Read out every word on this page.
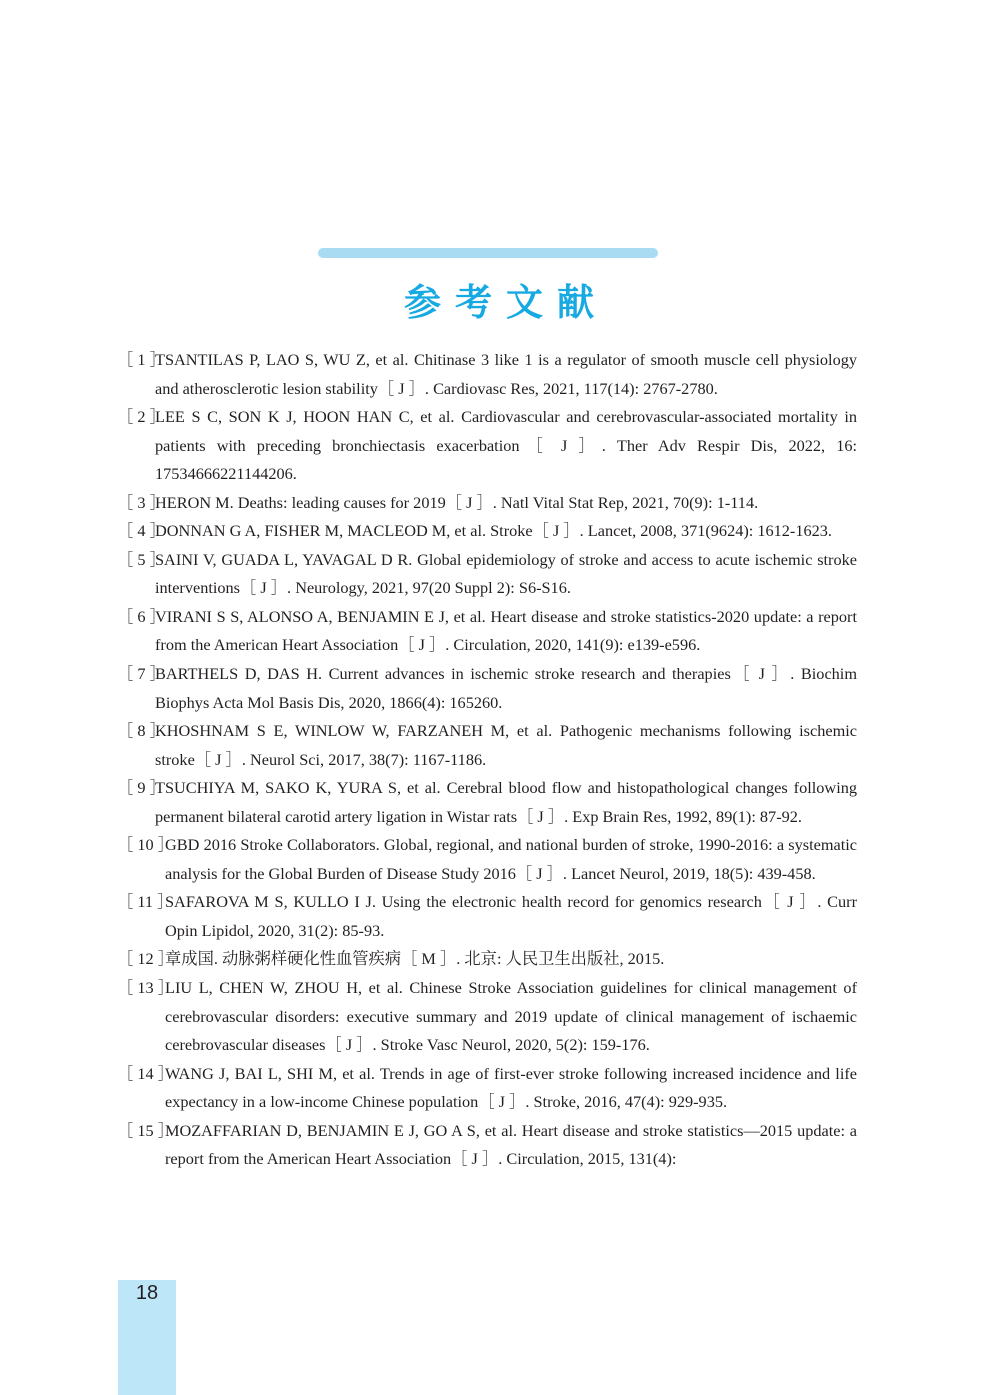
参考文献
［ 1 ］
TSANTILAS P, LAO S, WU Z, et al. Chitinase 3 like 1 is a regulator of smooth muscle cell physiology and atherosclerotic lesion stability［ J ］. Cardiovasc Res, 2021, 117(14): 2767-2780.
［ 2 ］
LEE S C, SON K J, HOON HAN C, et al. Cardiovascular and cerebrovascular-associated mortality in patients with preceding bronchiectasis exacerbation［ J ］. Ther Adv Respir Dis, 2022, 16: 17534666221144206.
［ 3 ］
HERON M. Deaths: leading causes for 2019［ J ］. Natl Vital Stat Rep, 2021, 70(9): 1-114.
［ 4 ］
DONNAN G A, FISHER M, MACLEOD M, et al. Stroke［ J ］. Lancet, 2008, 371(9624): 1612-1623.
［ 5 ］
SAINI V, GUADA L, YAVAGAL D R. Global epidemiology of stroke and access to acute ischemic stroke interventions［ J ］. Neurology, 2021, 97(20 Suppl 2): S6-S16.
［ 6 ］
VIRANI S S, ALONSO A, BENJAMIN E J, et al. Heart disease and stroke statistics-2020 update: a report from the American Heart Association［ J ］. Circulation, 2020, 141(9): e139-e596.
［ 7 ］
BARTHELS D, DAS H. Current advances in ischemic stroke research and therapies［ J ］. Biochim Biophys Acta Mol Basis Dis, 2020, 1866(4): 165260.
［ 8 ］
KHOSHNAM S E, WINLOW W, FARZANEH M, et al. Pathogenic mechanisms following ischemic stroke［ J ］. Neurol Sci, 2017, 38(7): 1167-1186.
［ 9 ］
TSUCHIYA M, SAKO K, YURA S, et al. Cerebral blood flow and histopathological changes following permanent bilateral carotid artery ligation in Wistar rats［ J ］. Exp Brain Res, 1992, 89(1): 87-92.
［ 10 ］
GBD 2016 Stroke Collaborators. Global, regional, and national burden of stroke, 1990-2016: a systematic analysis for the Global Burden of Disease Study 2016［ J ］. Lancet Neurol, 2019, 18(5): 439-458.
［ 11 ］
SAFAROVA M S, KULLO I J. Using the electronic health record for genomics research［ J ］. Curr Opin Lipidol, 2020, 31(2): 85-93.
［ 12 ］
章成国. 动脉粥样硬化性血管疾病［ M ］. 北京: 人民卫生出版社, 2015.
［ 13 ］
LIU L, CHEN W, ZHOU H, et al. Chinese Stroke Association guidelines for clinical management of cerebrovascular disorders: executive summary and 2019 update of clinical management of ischaemic cerebrovascular diseases［ J ］. Stroke Vasc Neurol, 2020, 5(2): 159-176.
［ 14 ］
WANG J, BAI L, SHI M, et al. Trends in age of first-ever stroke following increased incidence and life expectancy in a low-income Chinese population［ J ］. Stroke, 2016, 47(4): 929-935.
［ 15 ］
MOZAFFARIAN D, BENJAMIN E J, GO A S, et al. Heart disease and stroke statistics—2015 update: a report from the American Heart Association［ J ］. Circulation, 2015, 131(4):
18
